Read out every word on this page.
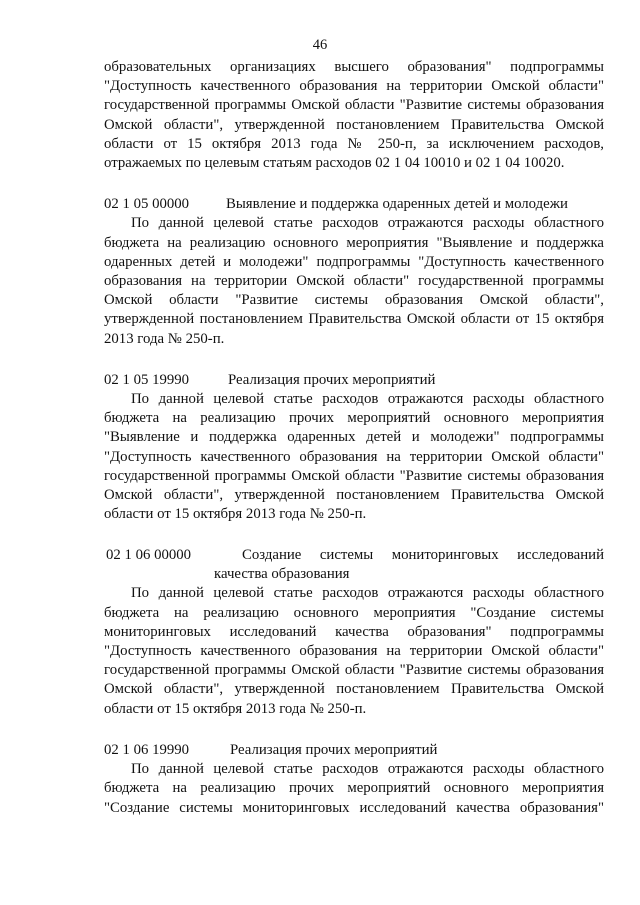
46

образовательных организациях высшего образования" подпрограммы "Доступность качественного образования на территории Омской области" государственной программы Омской области "Развитие системы образования Омской области", утвержденной постановлением Правительства Омской области от 15 октября 2013 года № 250-п, за исключением расходов, отражаемых по целевым статьям расходов 02 1 04 10010 и 02 1 04 10020.

02 1 05 00000	Выявление и поддержка одаренных детей и молодежи

По данной целевой статье расходов отражаются расходы областного бюджета на реализацию основного мероприятия "Выявление и поддержка одаренных детей и молодежи" подпрограммы "Доступность качественного образования на территории Омской области" государственной программы Омской области "Развитие системы образования Омской области", утвержденной постановлением Правительства Омской области от 15 октября 2013 года № 250-п.

02 1 05 19990	Реализация прочих мероприятий

По данной целевой статье расходов отражаются расходы областного бюджета на реализацию прочих мероприятий основного мероприятия "Выявление и поддержка одаренных детей и молодежи" подпрограммы "Доступность качественного образования на территории Омской области" государственной программы Омской области "Развитие системы образования Омской области", утвержденной постановлением Правительства Омской области от 15 октября 2013 года № 250-п.

02 1 06 00000	Создание системы мониторинговых исследований
качества образования

По данной целевой статье расходов отражаются расходы областного бюджета на реализацию основного мероприятия "Создание системы мониторинговых исследований качества образования" подпрограммы "Доступность качественного образования на территории Омской области" государственной программы Омской области "Развитие системы образования Омской области", утвержденной постановлением Правительства Омской области от 15 октября 2013 года № 250-п.

02 1 06 19990	Реализация прочих мероприятий

По данной целевой статье расходов отражаются расходы областного бюджета на реализацию прочих мероприятий основного мероприятия "Создание системы мониторинговых исследований качества образования"
